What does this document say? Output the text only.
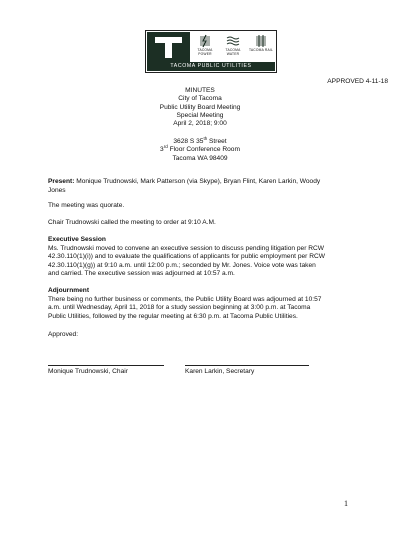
TACOMA POWER
TACOMA WATER
TACOMA RAIL
TACOMA PUBLIC UTILITIES
APPROVED 4-11-18
MINUTES
City of Tacoma
Public Utility Board Meeting
Special Meeting
April 2, 2018; 9:00
3628 S 35th Street
3rd Floor Conference Room
Tacoma WA 98409
Present: Monique Trudnowski, Mark Patterson (via Skype), Bryan Flint, Karen Larkin, Woody
Jones
The meeting was quorate.
Chair Trudnowski called the meeting to order at 9:10 A.M.
Executive Session
Ms. Trudnowski moved to convene an executive session to discuss pending litigation per RCW
42.30.110(1)(i)) and to evaluate the qualifications of applicants for public employment per RCW
42.30.110(1)(g)) at 9:10 a.m. until 12:00 p.m.; seconded by Mr. Jones. Voice vote was taken
and carried. The executive session was adjourned at 10:57 a.m.
Adjournment
There being no further business or comments, the Public Utility Board was adjourned at 10:57
a.m. until Wednesday, April 11, 2018 for a study session beginning at 3:00 p.m. at Tacoma
Public Utilities, followed by the regular meeting at 6:30 p.m. at Tacoma Public Utilities.
Approved:
Monique Trudnowski, Chair	Karen Larkin, Secretary
1
